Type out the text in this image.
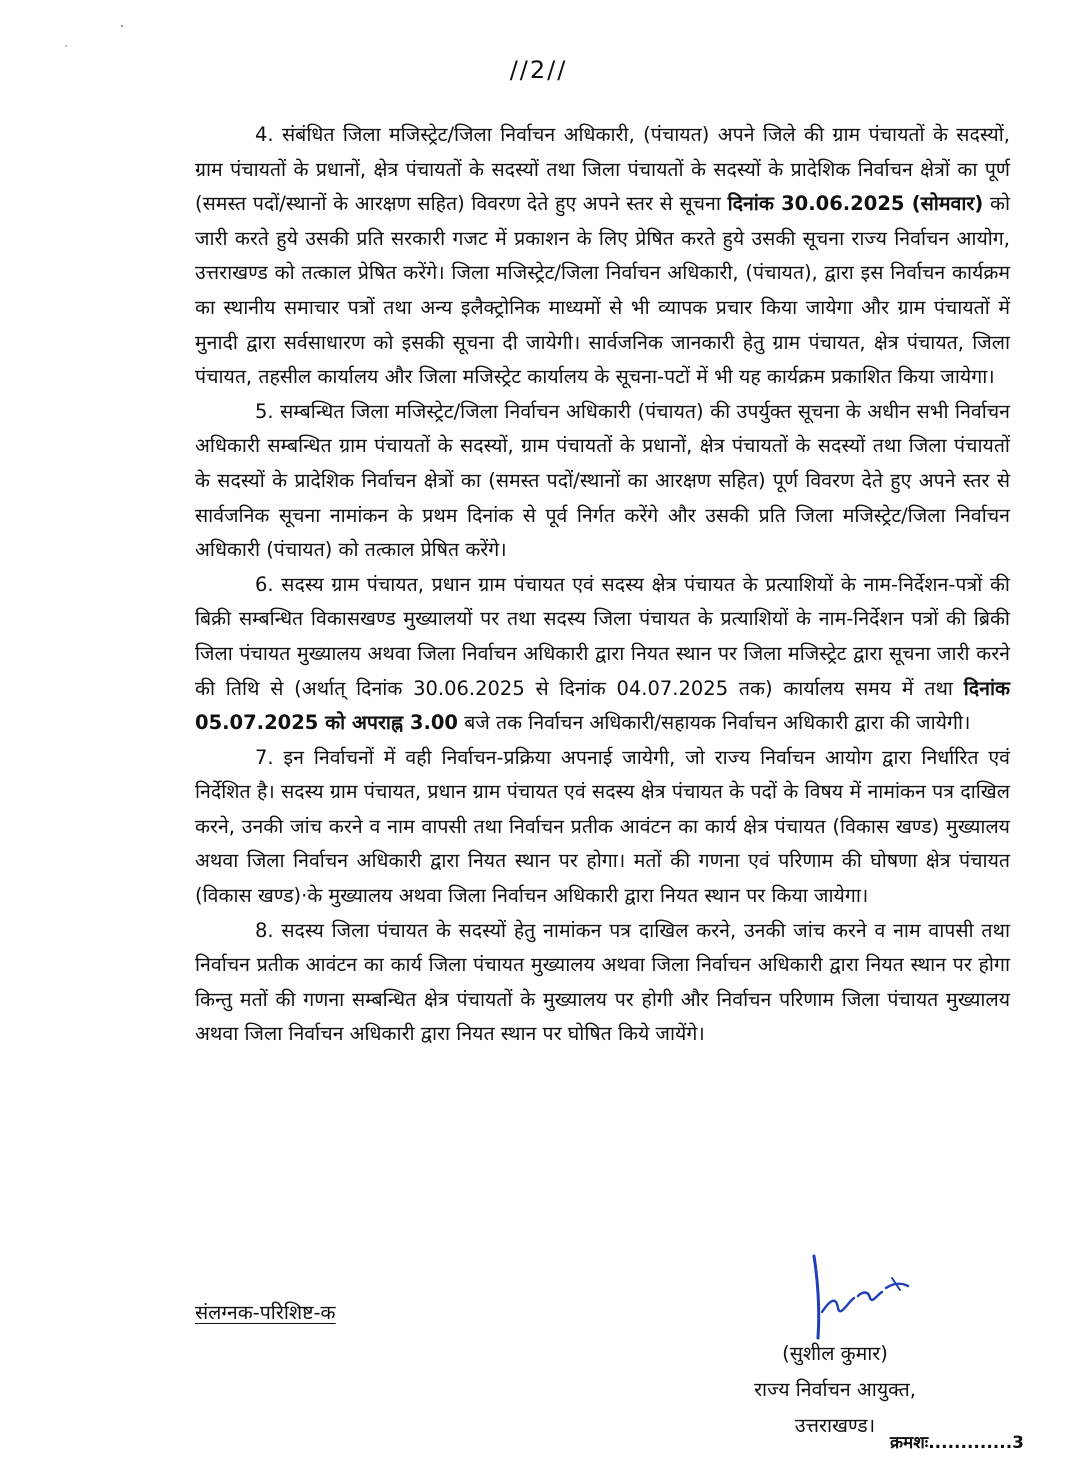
//2//

4. संबंधित जिला मजिस्ट्रेट/जिला निर्वाचन अधिकारी, (पंचायत) अपने जिले की ग्राम पंचायतों के सदस्यों, ग्राम पंचायतों के प्रधानों, क्षेत्र पंचायतों के सदस्यों तथा जिला पंचायतों के सदस्यों के प्रादेशिक निर्वाचन क्षेत्रों का पूर्ण (समस्त पदों/स्थानों के आरक्षण सहित) विवरण देते हुए अपने स्तर से सूचना दिनांक 30.06.2025 (सोमवार) को जारी करते हुये उसकी प्रति सरकारी गजट में प्रकाशन के लिए प्रेषित करते हुये उसकी सूचना राज्य निर्वाचन आयोग, उत्तराखण्ड को तत्काल प्रेषित करेंगे। जिला मजिस्ट्रेट/जिला निर्वाचन अधिकारी, (पंचायत), द्वारा इस निर्वाचन कार्यक्रम का स्थानीय समाचार पत्रों तथा अन्य इलैक्ट्रोनिक माध्यमों से भी व्यापक प्रचार किया जायेगा और ग्राम पंचायतों में मुनादी द्वारा सर्वसाधारण को इसकी सूचना दी जायेगी। सार्वजनिक जानकारी हेतु ग्राम पंचायत, क्षेत्र पंचायत, जिला पंचायत, तहसील कार्यालय और जिला मजिस्ट्रेट कार्यालय के सूचना-पटों में भी यह कार्यक्रम प्रकाशित किया जायेगा।

5. सम्बन्धित जिला मजिस्ट्रेट/जिला निर्वाचन अधिकारी (पंचायत) की उपर्युक्त सूचना के अधीन सभी निर्वाचन अधिकारी सम्बन्धित ग्राम पंचायतों के सदस्यों, ग्राम पंचायतों के प्रधानों, क्षेत्र पंचायतों के सदस्यों तथा जिला पंचायतों के सदस्यों के प्रादेशिक निर्वाचन क्षेत्रों का (समस्त पदों/स्थानों का आरक्षण सहित) पूर्ण विवरण देते हुए अपने स्तर से सार्वजनिक सूचना नामांकन के प्रथम दिनांक से पूर्व निर्गत करेंगे और उसकी प्रति जिला मजिस्ट्रेट/जिला निर्वाचन अधिकारी (पंचायत) को तत्काल प्रेषित करेंगे।

6. सदस्य ग्राम पंचायत, प्रधान ग्राम पंचायत एवं सदस्य क्षेत्र पंचायत के प्रत्याशियों के नाम-निर्देशन-पत्रों की बिक्री सम्बन्धित विकासखण्ड मुख्यालयों पर तथा सदस्य जिला पंचायत के प्रत्याशियों के नाम-निर्देशन पत्रों की ब्रिकी जिला पंचायत मुख्यालय अथवा जिला निर्वाचन अधिकारी द्वारा नियत स्थान पर जिला मजिस्ट्रेट द्वारा सूचना जारी करने की तिथि से (अर्थात् दिनांक 30.06.2025 से दिनांक 04.07.2025 तक) कार्यालय समय में तथा दिनांक 05.07.2025 को अपराह्न 3.00 बजे तक निर्वाचन अधिकारी/सहायक निर्वाचन अधिकारी द्वारा की जायेगी।

7. इन निर्वाचनों में वही निर्वाचन-प्रक्रिया अपनाई जायेगी, जो राज्य निर्वाचन आयोग द्वारा निर्धारित एवं निर्देशित है। सदस्य ग्राम पंचायत, प्रधान ग्राम पंचायत एवं सदस्य क्षेत्र पंचायत के पदों के विषय में नामांकन पत्र दाखिल करने, उनकी जांच करने व नाम वापसी तथा निर्वाचन प्रतीक आवंटन का कार्य क्षेत्र पंचायत (विकास खण्ड) मुख्यालय अथवा जिला निर्वाचन अधिकारी द्वारा नियत स्थान पर होगा। मतों की गणना एवं परिणाम की घोषणा क्षेत्र पंचायत (विकास खण्ड)·के मुख्यालय अथवा जिला निर्वाचन अधिकारी द्वारा नियत स्थान पर किया जायेगा।

8. सदस्य जिला पंचायत के सदस्यों हेतु नामांकन पत्र दाखिल करने, उनकी जांच करने व नाम वापसी तथा निर्वाचन प्रतीक आवंटन का कार्य जिला पंचायत मुख्यालय अथवा जिला निर्वाचन अधिकारी द्वारा नियत स्थान पर होगा किन्तु मतों की गणना सम्बन्धित क्षेत्र पंचायतों के मुख्यालय पर होगी और निर्वाचन परिणाम जिला पंचायत मुख्यालय अथवा जिला निर्वाचन अधिकारी द्वारा नियत स्थान पर घोषित किये जायेंगे।

संलग्नक-परिशिष्ट-क
(सुशील कुमार)
राज्य निर्वाचन आयुक्त,
उत्तराखण्ड।
क्रमशः.............3
